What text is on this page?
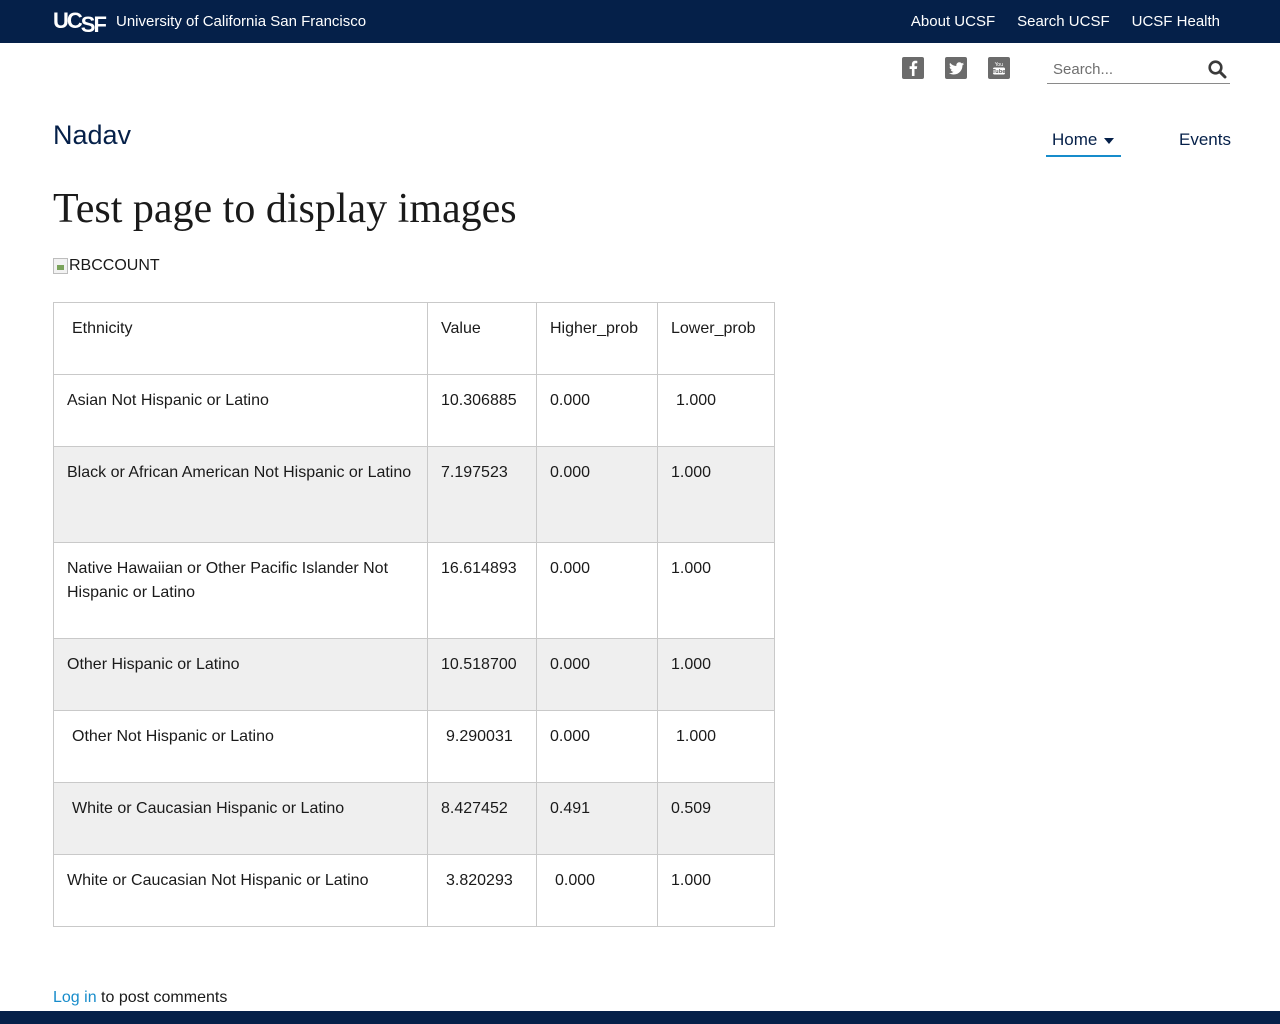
UCSF University of California San Francisco	About UCSF Search UCSF UCSF Health
You
Tube
Search...
Nadav	Home	Events
Test page to display images
RBCCOUNT
Ethnicity	Value	Higher_prob	Lower_prob
Asian Not Hispanic or Latino	10.306885	0.000	1.000
Black or African American Not Hispanic or Latino	7.197523	0.000	1.000
Native Hawaiian or Other Pacific Islander Not Hispanic or Latino	16.614893	0.000	1.000
Other Hispanic or Latino	10.518700	0.000	1.000
Other Not Hispanic or Latino	9.290031	0.000	1.000
White or Caucasian Hispanic or Latino	8.427452	0.491	0.509
White or Caucasian Not Hispanic or Latino	3.820293	0.000	1.000
Log in to post comments
